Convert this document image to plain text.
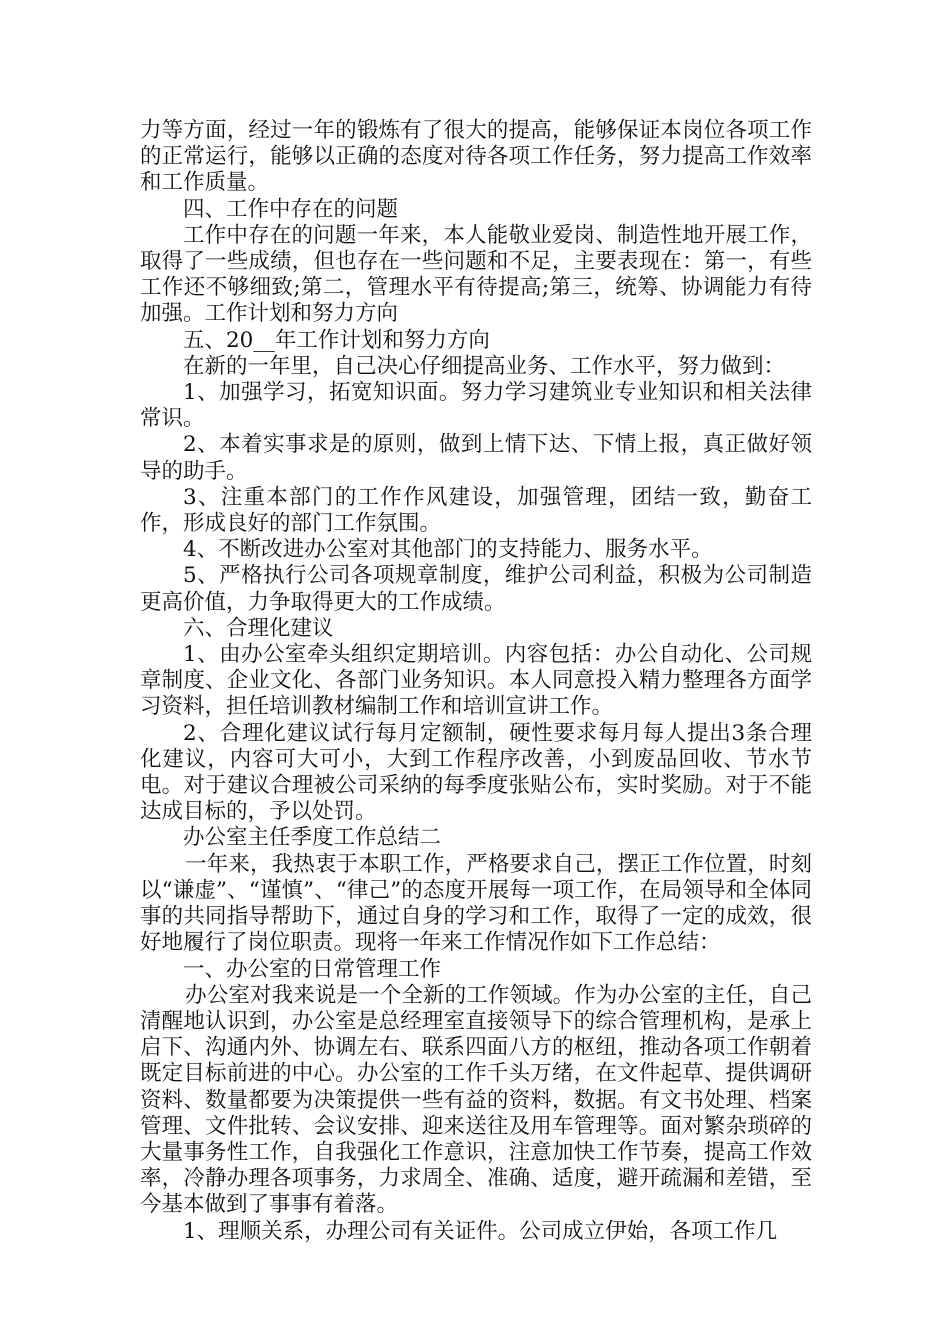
力等方面，经过一年的锻炼有了很大的提高，能够保证本岗位各项工作的正常运行，能够以正确的态度对待各项工作任务，努力提高工作效率和工作质量。

四、工作中存在的问题

工作中存在的问题一年来，本人能敬业爱岗、制造性地开展工作，取得了一些成绩，但也存在一些问题和不足，主要表现在：第一，有些工作还不够细致;第二，管理水平有待提高;第三，统筹、协调能力有待加强。工作计划和努力方向

五、20__年工作计划和努力方向

在新的一年里，自己决心仔细提高业务、工作水平，努力做到：

1、加强学习，拓宽知识面。努力学习建筑业专业知识和相关法律常识。

2、本着实事求是的原则，做到上情下达、下情上报，真正做好领导的助手。

3、注重本部门的工作作风建设，加强管理，团结一致，勤奋工作，形成良好的部门工作氛围。

4、不断改进办公室对其他部门的支持能力、服务水平。

5、严格执行公司各项规章制度，维护公司利益，积极为公司制造更高价值，力争取得更大的工作成绩。

六、合理化建议

1、由办公室牵头组织定期培训。内容包括：办公自动化、公司规章制度、企业文化、各部门业务知识。本人同意投入精力整理各方面学习资料，担任培训教材编制工作和培训宣讲工作。

2、合理化建议试行每月定额制，硬性要求每月每人提出3条合理化建议，内容可大可小，大到工作程序改善，小到废品回收、节水节电。对于建议合理被公司采纳的每季度张贴公布，实时奖励。对于不能达成目标的，予以处罚。

办公室主任季度工作总结二

一年来，我热衷于本职工作，严格要求自己，摆正工作位置，时刻以“谦虚”、“谨慎”、“律己”的态度开展每一项工作，在局领导和全体同事的共同指导帮助下，通过自身的学习和工作，取得了一定的成效，很好地履行了岗位职责。现将一年来工作情况作如下工作总结：

一、办公室的日常管理工作

办公室对我来说是一个全新的工作领域。作为办公室的主任，自己清醒地认识到，办公室是总经理室直接领导下的综合管理机构，是承上启下、沟通内外、协调左右、联系四面八方的枢纽，推动各项工作朝着既定目标前进的中心。办公室的工作千头万绪，在文件起草、提供调研资料、数量都要为决策提供一些有益的资料，数据。有文书处理、档案管理、文件批转、会议安排、迎来送往及用车管理等。面对繁杂琐碎的大量事务性工作，自我强化工作意识，注意加快工作节奏，提高工作效率，冷静办理各项事务，力求周全、准确、适度，避开疏漏和差错，至今基本做到了事事有着落。

1、理顺关系，办理公司有关证件。公司成立伊始，各项工作几
